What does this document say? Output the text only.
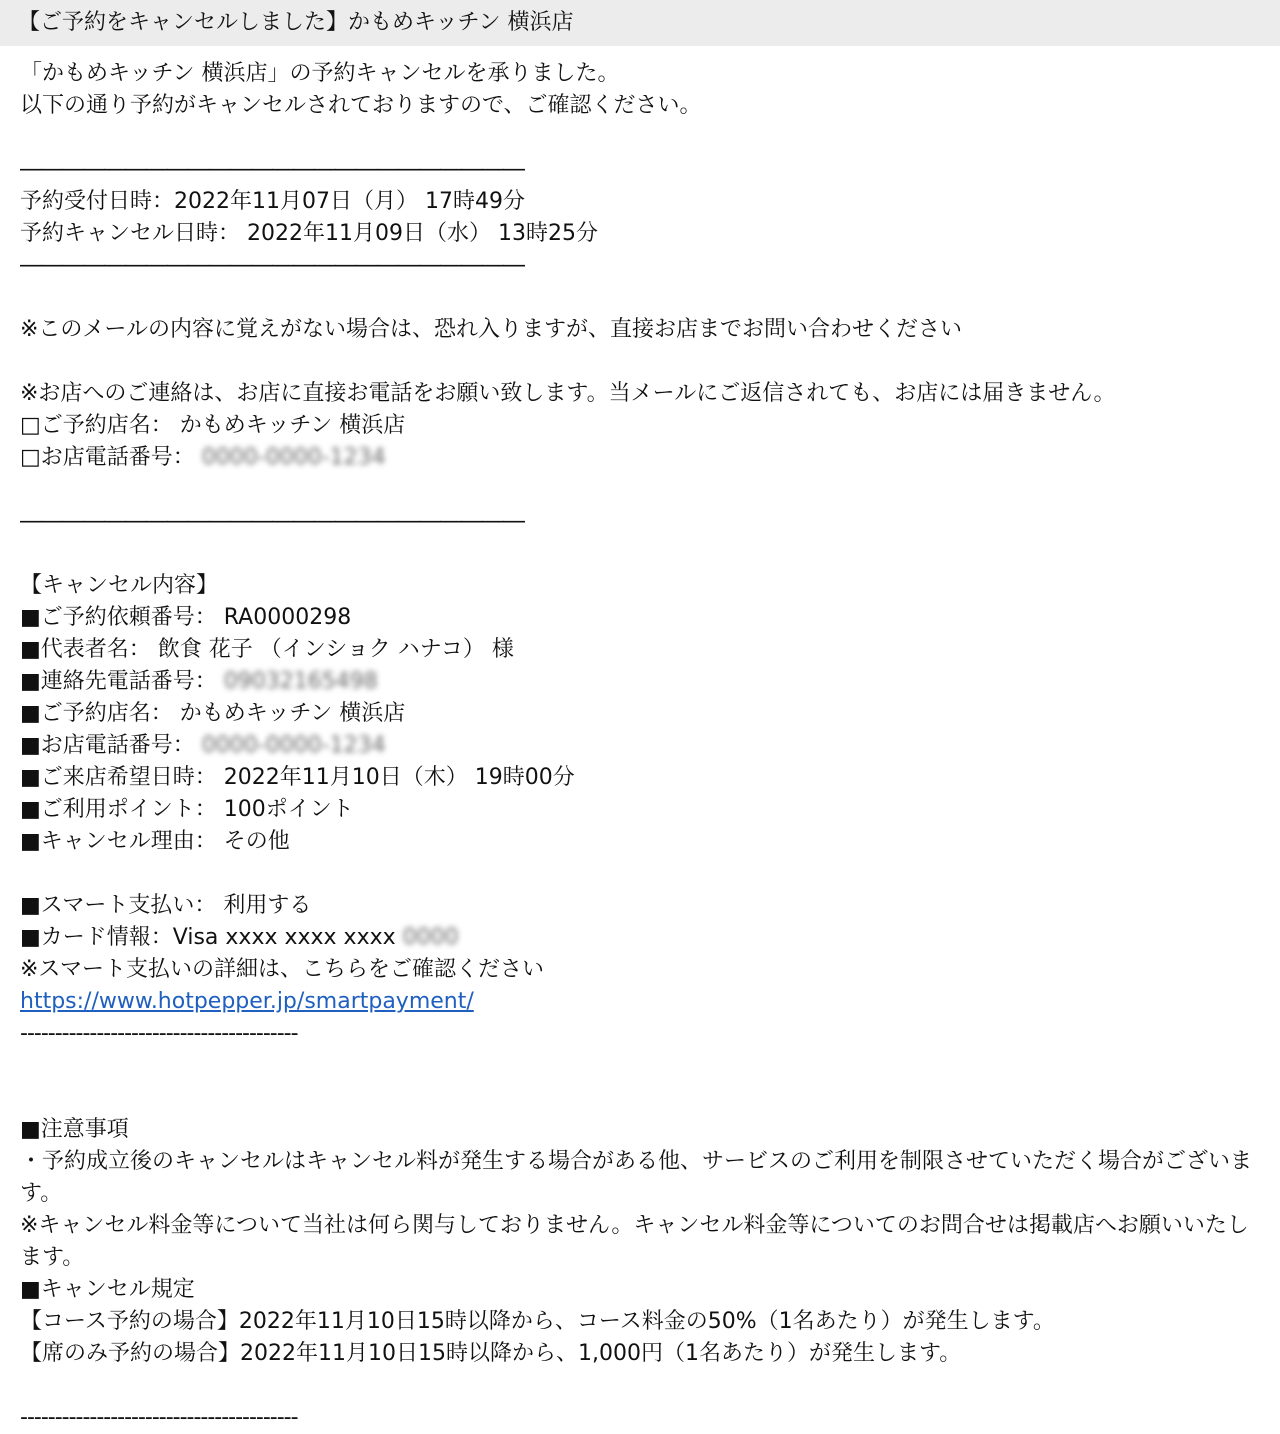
【ご予約をキャンセルしました】かもめキッチン 横浜店
「かもめキッチン 横浜店」の予約キャンセルを承りました。
以下の通り予約がキャンセルされておりますので、ご確認ください。
――――――――――――――――――――――――
予約受付日時：2022年11月07日（月） 17時49分
予約キャンセル日時： 2022年11月09日（水） 13時25分
――――――――――――――――――――――――
※このメールの内容に覚えがない場合は、恐れ入りますが、直接お店までお問い合わせください
※お店へのご連絡は、お店に直接お電話をお願い致します。当メールにご返信されても、お店には届きません。
□ご予約店名： かもめキッチン 横浜店
□お店電話番号： 0000-0000-1234
――――――――――――――――――――――――
【キャンセル内容】
■ご予約依頼番号： RA0000298
■代表者名： 飲食 花子 （インショク ハナコ） 様
■連絡先電話番号： 09032165498
■ご予約店名： かもめキッチン 横浜店
■お店電話番号： 0000-0000-1234
■ご来店希望日時： 2022年11月10日（木） 19時00分
■ご利用ポイント： 100ポイント
■キャンセル理由： その他
■スマート支払い： 利用する
■カード情報：Visa xxxx xxxx xxxx 0000
※スマート支払いの詳細は、こちらをご確認ください
https://www.hotpepper.jp/smartpayment/
----------------------------------------
■注意事項
・予約成立後のキャンセルはキャンセル料が発生する場合がある他、サービスのご利用を制限させていただく場合がございます。
※キャンセル料金等について当社は何ら関与しておりません。キャンセル料金等についてのお問合せは掲載店へお願いいたします。
■キャンセル規定
【コース予約の場合】2022年11月10日15時以降から、コース料金の50%（1名あたり）が発生します。
【席のみ予約の場合】2022年11月10日15時以降から、1,000円（1名あたり）が発生します。
----------------------------------------
